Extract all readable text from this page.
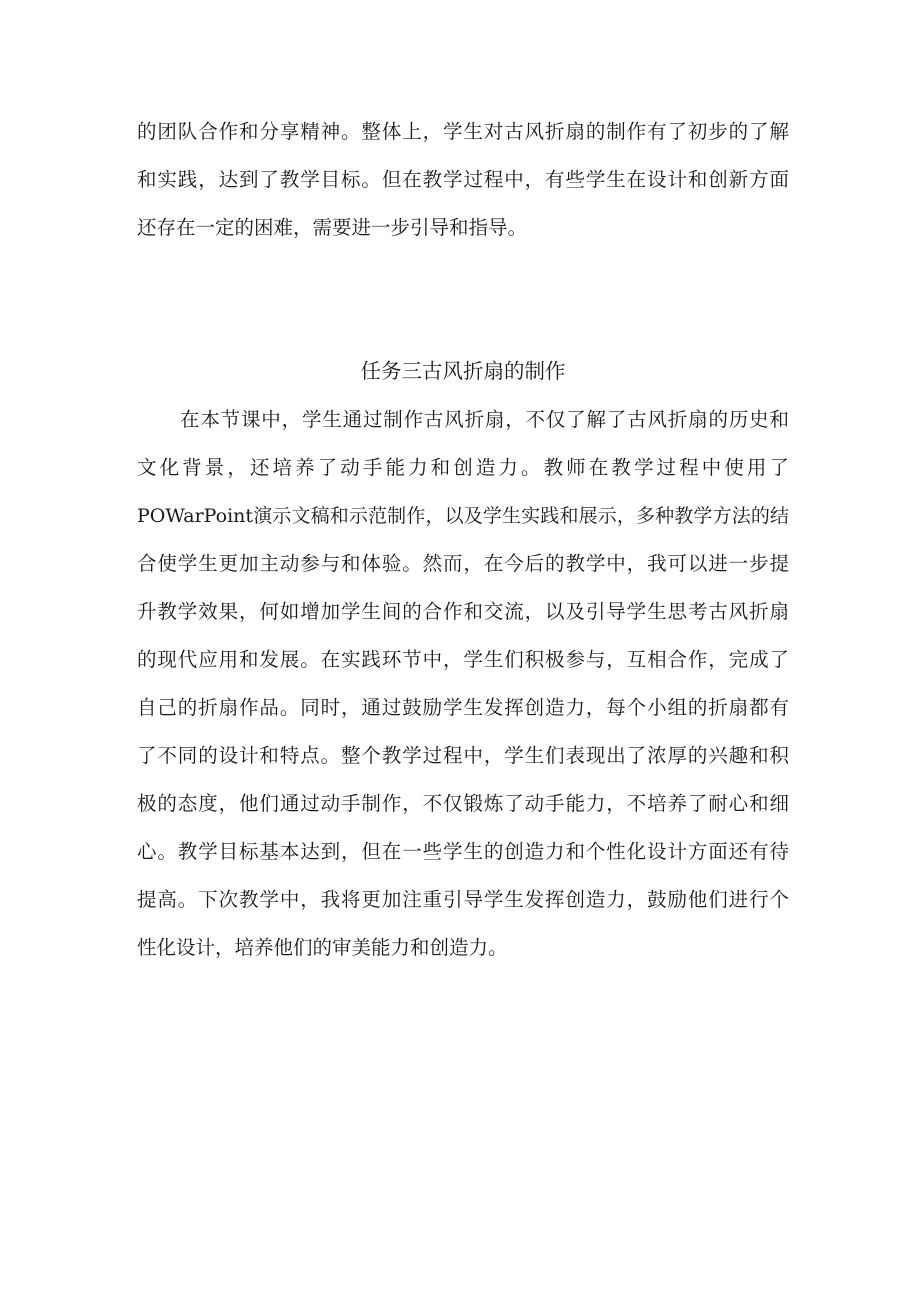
的团队合作和分享精神。整体上，学生对古风折扇的制作有了初步的了解
和实践，达到了教学目标。但在教学过程中，有些学生在设计和创新方面
还存在一定的困难，需要进一步引导和指导。
任务三古风折扇的制作
在本节课中，学生通过制作古风折扇，不仅了解了古风折扇的历史和
文化背景，还培养了动手能力和创造力。教师在教学过程中使用了
POWarPoint演示文稿和示范制作，以及学生实践和展示，多种教学方法的结
合使学生更加主动参与和体验。然而，在今后的教学中，我可以进一步提
升教学效果，何如增加学生间的合作和交流，以及引导学生思考古风折扇
的现代应用和发展。在实践环节中，学生们积极参与，互相合作，完成了
自己的折扇作品。同时，通过鼓励学生发挥创造力，每个小组的折扇都有
了不同的设计和特点。整个教学过程中，学生们表现出了浓厚的兴趣和积
极的态度，他们通过动手制作，不仅锻炼了动手能力，不培养了耐心和细
心。教学目标基本达到，但在一些学生的创造力和个性化设计方面还有待
提高。下次教学中，我将更加注重引导学生发挥创造力，鼓励他们进行个
性化设计，培养他们的审美能力和创造力。
